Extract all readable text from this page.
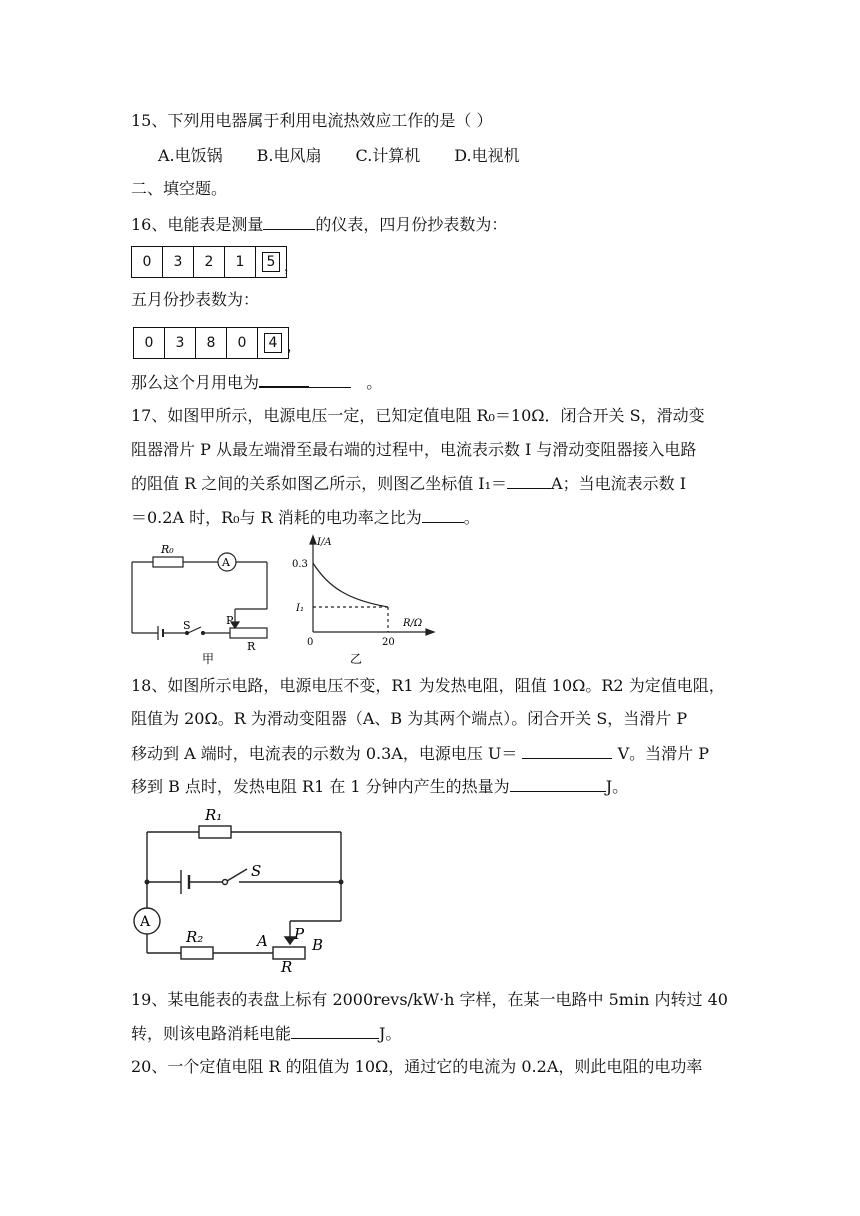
15、下列用电器属于利用电流热效应工作的是（ ）
A.电饭锅 B.电风扇 C.计算机 D.电视机
二、填空题。
16、电能表是测量	的仪表，四月份抄表数为：
0	3	2	1	5 ，
五月份抄表数为：
0	3	8	0	4 ，
那么这个月用电为	。
17、如图甲所示，电源电压一定，已知定值电阻 R₀＝10Ω．闭合开关 S，滑动变
阻器滑片 P 从最左端滑至最右端的过程中，电流表示数 I 与滑动变阻器接入电路
的阻值 R 之间的关系如图乙所示，则图乙坐标值 I₁＝	A；当电流表示数 I
＝0.2A 时，R₀与 R 消耗的电功率之比为	。
R₀
A
S	P
R
甲
I/A
0.3
I₁
R/Ω
0	20
乙
18、如图所示电路，电源电压不变，R1 为发热电阻，阻值 10Ω。R2 为定值电阻，
阻值为 20Ω。R 为滑动变阻器（A、B 为其两个端点）。闭合开关 S，当滑片 P
移动到 A 端时，电流表的示数为 0.3A，电源电压 U＝	V。当滑片 P
移到 B 点时，发热电阻 R1 在 1 分钟内产生的热量为	J。
R₁
S
A
R₂	A P
B
R
19、某电能表的表盘上标有 2000revs/kW·h 字样，在某一电路中 5min 内转过 40
转，则该电路消耗电能	J。
20、一个定值电阻 R 的阻值为 10Ω，通过它的电流为 0.2A，则此电阻的电功率
